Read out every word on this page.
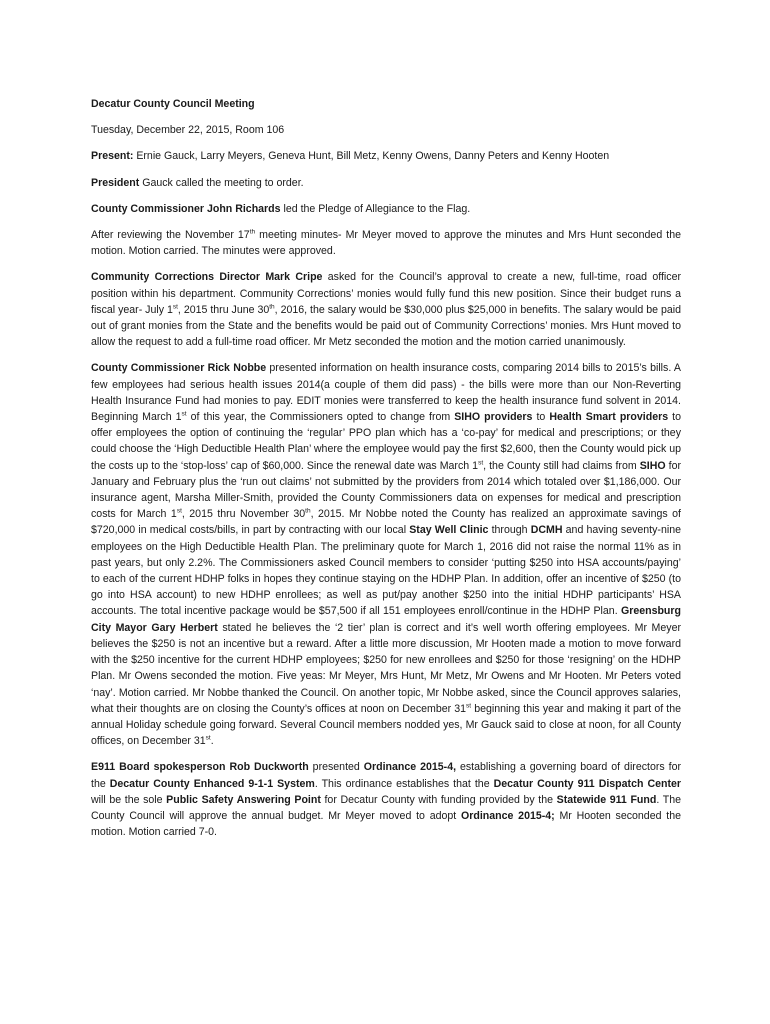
Decatur County Council Meeting

Tuesday, December 22, 2015, Room 106

Present: Ernie Gauck, Larry Meyers, Geneva Hunt, Bill Metz, Kenny Owens, Danny Peters and Kenny Hooten

President Gauck called the meeting to order.

County Commissioner John Richards led the Pledge of Allegiance to the Flag.

After reviewing the November 17th meeting minutes- Mr Meyer moved to approve the minutes and Mrs Hunt seconded the motion. Motion carried. The minutes were approved.

Community Corrections Director Mark Cripe asked for the Council’s approval to create a new, full-time, road officer position within his department. Community Corrections’ monies would fully fund this new position. Since their budget runs a fiscal year- July 1st, 2015 thru June 30th, 2016, the salary would be $30,000 plus $25,000 in benefits. The salary would be paid out of grant monies from the State and the benefits would be paid out of Community Corrections’ monies. Mrs Hunt moved to allow the request to add a full-time road officer. Mr Metz seconded the motion and the motion carried unanimously.

County Commissioner Rick Nobbe presented information on health insurance costs, comparing 2014 bills to 2015’s bills. A few employees had serious health issues 2014(a couple of them did pass) - the bills were more than our Non-Reverting Health Insurance Fund had monies to pay. EDIT monies were transferred to keep the health insurance fund solvent in 2014. Beginning March 1st of this year, the Commissioners opted to change from SIHO providers to Health Smart providers to offer employees the option of continuing the ‘regular’ PPO plan which has a ‘co-pay’ for medical and prescriptions; or they could choose the ‘High Deductible Health Plan’ where the employee would pay the first $2,600, then the County would pick up the costs up to the ‘stop-loss’ cap of $60,000. Since the renewal date was March 1st, the County still had claims from SIHO for January and February plus the ‘run out claims’ not submitted by the providers from 2014 which totaled over $1,186,000. Our insurance agent, Marsha Miller-Smith, provided the County Commissioners data on expenses for medical and prescription costs for March 1st, 2015 thru November 30th, 2015. Mr Nobbe noted the County has realized an approximate savings of $720,000 in medical costs/bills, in part by contracting with our local Stay Well Clinic through DCMH and having seventy-nine employees on the High Deductible Health Plan. The preliminary quote for March 1, 2016 did not raise the normal 11% as in past years, but only 2.2%. The Commissioners asked Council members to consider ‘putting $250 into HSA accounts/paying’ to each of the current HDHP folks in hopes they continue staying on the HDHP Plan. In addition, offer an incentive of $250 (to go into HSA account) to new HDHP enrollees; as well as put/pay another $250 into the initial HDHP participants’ HSA accounts. The total incentive package would be $57,500 if all 151 employees enroll/continue in the HDHP Plan. Greensburg City Mayor Gary Herbert stated he believes the ‘2 tier’ plan is correct and it’s well worth offering employees. Mr Meyer believes the $250 is not an incentive but a reward. After a little more discussion, Mr Hooten made a motion to move forward with the $250 incentive for the current HDHP employees; $250 for new enrollees and $250 for those ‘resigning’ on the HDHP Plan. Mr Owens seconded the motion. Five yeas: Mr Meyer, Mrs Hunt, Mr Metz, Mr Owens and Mr Hooten. Mr Peters voted ‘nay’. Motion carried. Mr Nobbe thanked the Council. On another topic, Mr Nobbe asked, since the Council approves salaries, what their thoughts are on closing the County’s offices at noon on December 31st beginning this year and making it part of the annual Holiday schedule going forward. Several Council members nodded yes, Mr Gauck said to close at noon, for all County offices, on December 31st.

E911 Board spokesperson Rob Duckworth presented Ordinance 2015-4, establishing a governing board of directors for the Decatur County Enhanced 9-1-1 System. This ordinance establishes that the Decatur County 911 Dispatch Center will be the sole Public Safety Answering Point for Decatur County with funding provided by the Statewide 911 Fund. The County Council will approve the annual budget. Mr Meyer moved to adopt Ordinance 2015-4; Mr Hooten seconded the motion. Motion carried 7-0.
